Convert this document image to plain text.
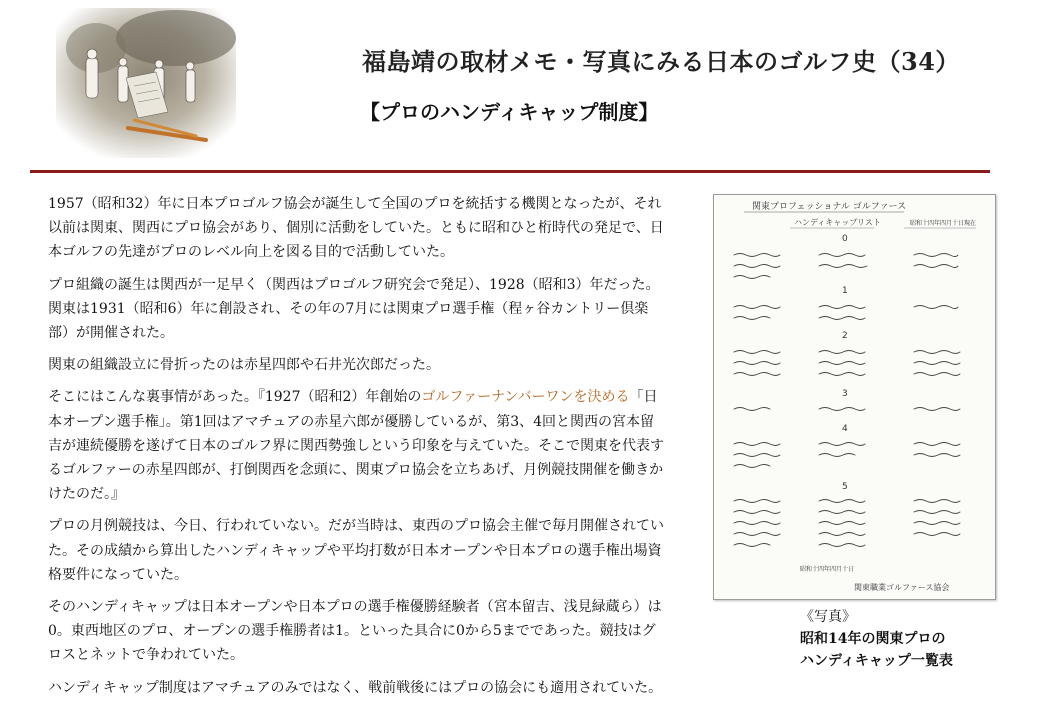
福島靖の取材メモ・写真にみる日本のゴルフ史（34）
【プロのハンディキャップ制度】

1957（昭和32）年に日本プロゴルフ協会が誕生して全国のプロを統括する機関となったが、それ以前は関東、関西にプロ協会があり、個別に活動をしていた。ともに昭和ひと桁時代の発足で、日本ゴルフの先達がプロのレベル向上を図る目的で活動していた。

プロ組織の誕生は関西が一足早く（関西はプロゴルフ研究会で発足）、1928（昭和3）年だった。関東は1931（昭和6）年に創設され、その年の7月には関東プロ選手権（程ヶ谷カントリー倶楽部）が開催された。

関東の組織設立に骨折ったのは赤星四郎や石井光次郎だった。

そこにはこんな裏事情があった。『1927（昭和2）年創始のゴルファーナンバーワンを決める「日本オープン選手権」。第1回はアマチュアの赤星六郎が優勝しているが、第3、4回と関西の宮本留吉が連続優勝を遂げて日本のゴルフ界に関西勢強しという印象を与えていた。そこで関東を代表するゴルファーの赤星四郎が、打倒関西を念頭に、関東プロ協会を立ちあげ、月例競技開催を働きかけたのだ。』

プロの月例競技は、今日、行われていない。だが当時は、東西のプロ協会主催で毎月開催されていた。その成績から算出したハンディキャップや平均打数が日本オープンや日本プロの選手権出場資格要件になっていた。

そのハンディキャップは日本オープンや日本プロの選手権優勝経験者（宮本留吉、浅見緑蔵ら）は0。東西地区のプロ、オープンの選手権勝者は1。といった具合に0から5までであった。競技はグロスとネットで争われていた。

ハンディキャップ制度はアマチュアのみではなく、戦前戦後にはプロの協会にも適用されていた。

関東プロフェッショナル ゴルファース
ハンディキャップリスト	昭和十四年四月十日現在
0
1
2
3
4
5
昭和十四年四月十日
関東職業ゴルファース協会
《写真》
昭和14年の関東プロの
ハンディキャップ一覧表
